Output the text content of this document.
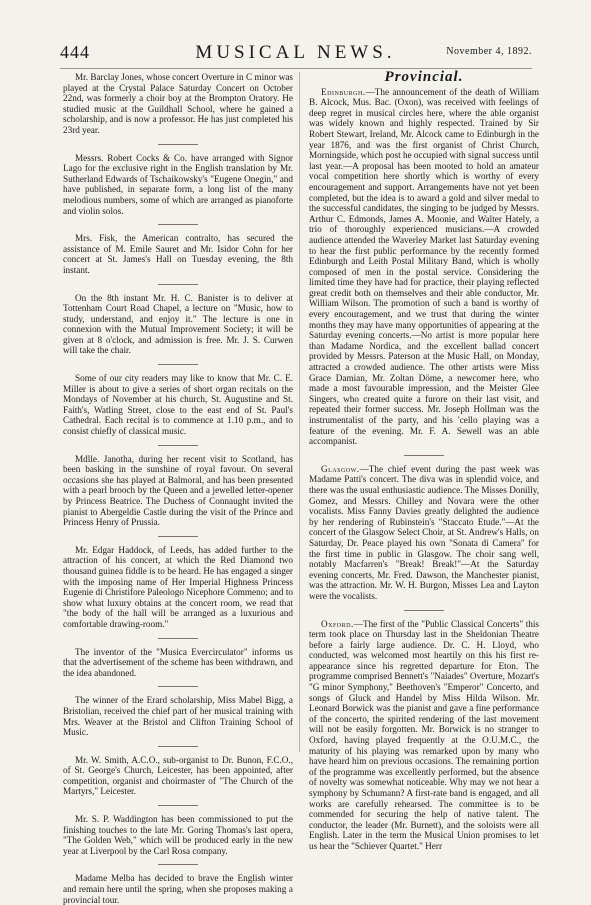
444	MUSICAL NEWS.	November 4, 1892.

Mr. Barclay Jones, whose concert Overture in C minor was played at the Crystal Palace Saturday Concert on October 22nd, was formerly a choir boy at the Brompton Oratory. He studied music at the Guildhall School, where he gained a scholarship, and is now a professor. He has just completed his 23rd year.

Messrs. Robert Cocks & Co. have arranged with Signor Lago for the exclusive right in the English translation by Mr. Sutherland Edwards of Tschaikowsky's "Eugene Onegin," and have published, in separate form, a long list of the many melodious numbers, some of which are arranged as pianoforte and violin solos.

Mrs. Fisk, the American contralto, has secured the assistance of M. Emile Sauret and Mr. Isidor Cohn for her concert at St. James's Hall on Tuesday evening, the 8th instant.

On the 8th instant Mr. H. C. Banister is to deliver at Tottenham Court Road Chapel, a lecture on "Music, how to study, understand, and enjoy it." The lecture is one in connexion with the Mutual Improvement Society; it will be given at 8 o'clock, and admission is free. Mr. J. S. Curwen will take the chair.

Some of our city readers may like to know that Mr. C. E. Miller is about to give a series of short organ recitals on the Mondays of November at his church, St. Augustine and St. Faith's, Watling Street, close to the east end of St. Paul's Cathedral. Each recital is to commence at 1.10 p.m., and to consist chiefly of classical music.

Mdlle. Janotha, during her recent visit to Scotland, has been basking in the sunshine of royal favour. On several occasions she has played at Balmoral, and has been presented with a pearl brooch by the Queen and a jewelled letter-opener by Princess Beatrice. The Duchess of Connaught invited the pianist to Abergeldie Castle during the visit of the Prince and Princess Henry of Prussia.

Mr. Edgar Haddock, of Leeds, has added further to the attraction of his concert, at which the Red Diamond two thousand guinea fiddle is to be heard. He has engaged a singer with the imposing name of Her Imperial Highness Princess Eugenie di Christifore Paleologo Nicephore Commeno; and to show what luxury obtains at the concert room, we read that "the body of the hall will be arranged as a luxurious and comfortable drawing-room."

The inventor of the "Musica Evercirculator" informs us that the advertisement of the scheme has been withdrawn, and the idea abandoned.

The winner of the Erard scholarship, Miss Mabel Bigg, a Bristolian, received the chief part of her musical training with Mrs. Weaver at the Bristol and Clifton Training School of Music.

Mr. W. Smith, A.C.O., sub-organist to Dr. Bunon, F.C.O., of St. George's Church, Leicester, has been appointed, after competition, organist and choirmaster of "The Church of the Martyrs," Leicester.

Mr. S. P. Waddington has been commissioned to put the finishing touches to the late Mr. Goring Thomas's last opera, "The Golden Web," which will be produced early in the new year at Liverpool by the Carl Rosa company.

Madame Melba has decided to brave the English winter and remain here until the spring, when she proposes making a provincial tour.

Provincial.

Edinburgh.—The announcement of the death of William B. Alcock, Mus. Bac. (Oxon), was received with feelings of deep regret in musical circles here, where the able organist was widely known and highly respected. Trained by Sir Robert Stewart, Ireland, Mr. Alcock came to Edinburgh in the year 1876, and was the first organist of Christ Church, Morningside, which post he occupied with signal success until last year.—A proposal has been mooted to hold an amateur vocal competition here shortly which is worthy of every encouragement and support. Arrangements have not yet been completed, but the idea is to award a gold and silver medal to the successful candidates, the singing to be judged by Messrs. Arthur C. Edmonds, James A. Moonie, and Walter Hately, a trio of thoroughly experienced musicians.—A crowded audience attended the Waverley Market last Saturday evening to hear the first public performance by the recently formed Edinburgh and Leith Postal Military Band, which is wholly composed of men in the postal service. Considering the limited time they have had for practice, their playing reflected great credit both on themselves and their able conductor, Mr. William Wilson. The promotion of such a band is worthy of every encouragement, and we trust that during the winter months they may have many opportunities of appearing at the Saturday evening concerts.—No artist is more popular here than Madame Nordica, and the excellent ballad concert provided by Messrs. Paterson at the Music Hall, on Monday, attracted a crowded audience. The other artists were Miss Grace Damian, Mr. Zoltan Döme, a newcomer here, who made a most favourable impression, and the Meister Glee Singers, who created quite a furore on their last visit, and repeated their former success. Mr. Joseph Hollman was the instrumentalist of the party, and his 'cello playing was a feature of the evening. Mr. F. A. Sewell was an able accompanist.

Glasgow.—The chief event during the past week was Madame Patti's concert. The diva was in splendid voice, and there was the usual enthusiastic audience. The Misses Donilly, Gomez, and Messrs. Chilley and Novara were the other vocalists. Miss Fanny Davies greatly delighted the audience by her rendering of Rubinstein's "Staccato Etude."—At the concert of the Glasgow Select Choir, at St. Andrew's Halls, on Saturday, Dr. Peace played his own "Sonata di Camera" for the first time in public in Glasgow. The choir sang well, notably Macfarren's "Break! Break!"—At the Saturday evening concerts, Mr. Fred. Dawson, the Manchester pianist, was the attraction. Mr. W. H. Burgon, Misses Lea and Layton were the vocalists.

Oxford.—The first of the "Public Classical Concerts" this term took place on Thursday last in the Sheldonian Theatre before a fairly large audience. Dr. C. H. Lloyd, who conducted, was welcomed most heartily on this his first re-appearance since his regretted departure for Eton. The programme comprised Bennett's "Naiades" Overture, Mozart's "G minor Symphony," Beethoven's "Emperor" Concerto, and songs of Gluck and Handel by Miss Hilda Wilson. Mr. Leonard Borwick was the pianist and gave a fine performance of the concerto, the spirited rendering of the last movement will not be easily forgotten. Mr. Borwick is no stranger to Oxford, having played frequently at the O.U.M.C., the maturity of his playing was remarked upon by many who have heard him on previous occasions. The remaining portion of the programme was excellently performed, but the absence of novelty was somewhat noticeable. Why may we not hear a symphony by Schumann? A first-rate band is engaged, and all works are carefully rehearsed. The committee is to be commended for securing the help of native talent. The conductor, the leader (Mr. Burnett), and the soloists were all English. Later in the term the Musical Union promises to let us hear the "Schiever Quartet." Herr
